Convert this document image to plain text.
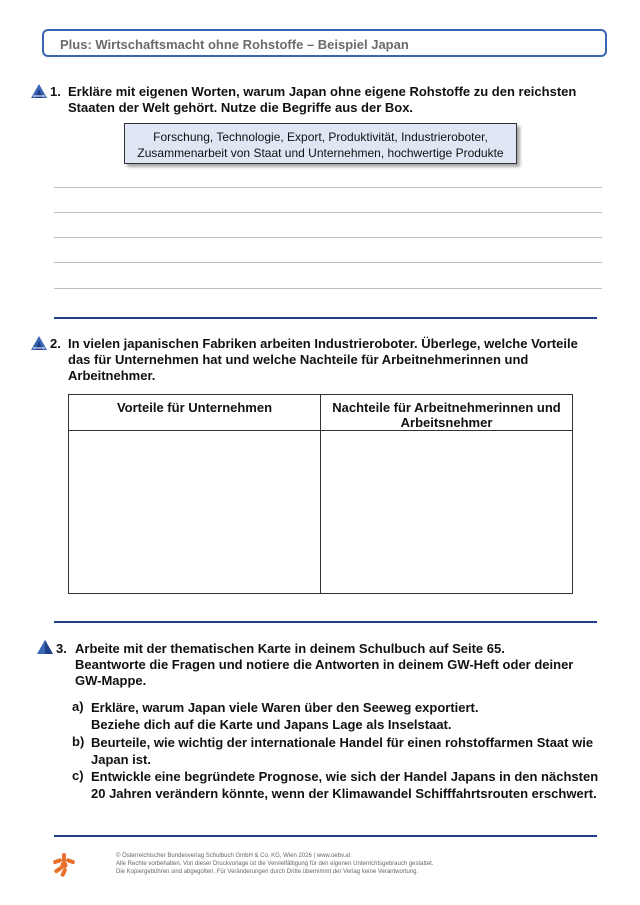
Plus: Wirtschaftsmacht ohne Rohstoffe – Beispiel Japan
1. Erkläre mit eigenen Worten, warum Japan ohne eigene Rohstoffe zu den reichsten
Staaten der Welt gehört. Nutze die Begriffe aus der Box.
Forschung, Technologie, Export, Produktivität, Industrieroboter,
Zusammenarbeit von Staat und Unternehmen, hochwertige Produkte
2. In vielen japanischen Fabriken arbeiten Industrieroboter. Überlege, welche Vorteile
das für Unternehmen hat und welche Nachteile für Arbeitnehmerinnen und
Arbeitnehmer.
Vorteile für Unternehmen	Nachteile für Arbeitnehmerinnen und
Arbeitsnehmer

3. Arbeite mit der thematischen Karte in deinem Schulbuch auf Seite 65.
Beantworte die Fragen und notiere die Antworten in deinem GW-Heft oder deiner
GW-Mappe.
a) Erkläre, warum Japan viele Waren über den Seeweg exportiert.
Beziehe dich auf die Karte und Japans Lage als Inselstaat.
b) Beurteile, wie wichtig der internationale Handel für einen rohstoffarmen Staat wie
Japan ist.
c) Entwickle eine begründete Prognose, wie sich der Handel Japans in den nächsten
20 Jahren verändern könnte, wenn der Klimawandel Schifffahrtsrouten erschwert.
© Österreichischer Bundesverlag Schulbuch GmbH & Co. KG, Wien 2026 | www.oebv.at
Alle Rechte vorbehalten. Von dieser Druckvorlage ist die Vervielfältigung für den eigenen Unterrichtsgebrauch gestattet.
Die Kopiergebühren sind abgegolten. Für Veränderungen durch Dritte übernimmt der Verlag keine Verantwortung.
